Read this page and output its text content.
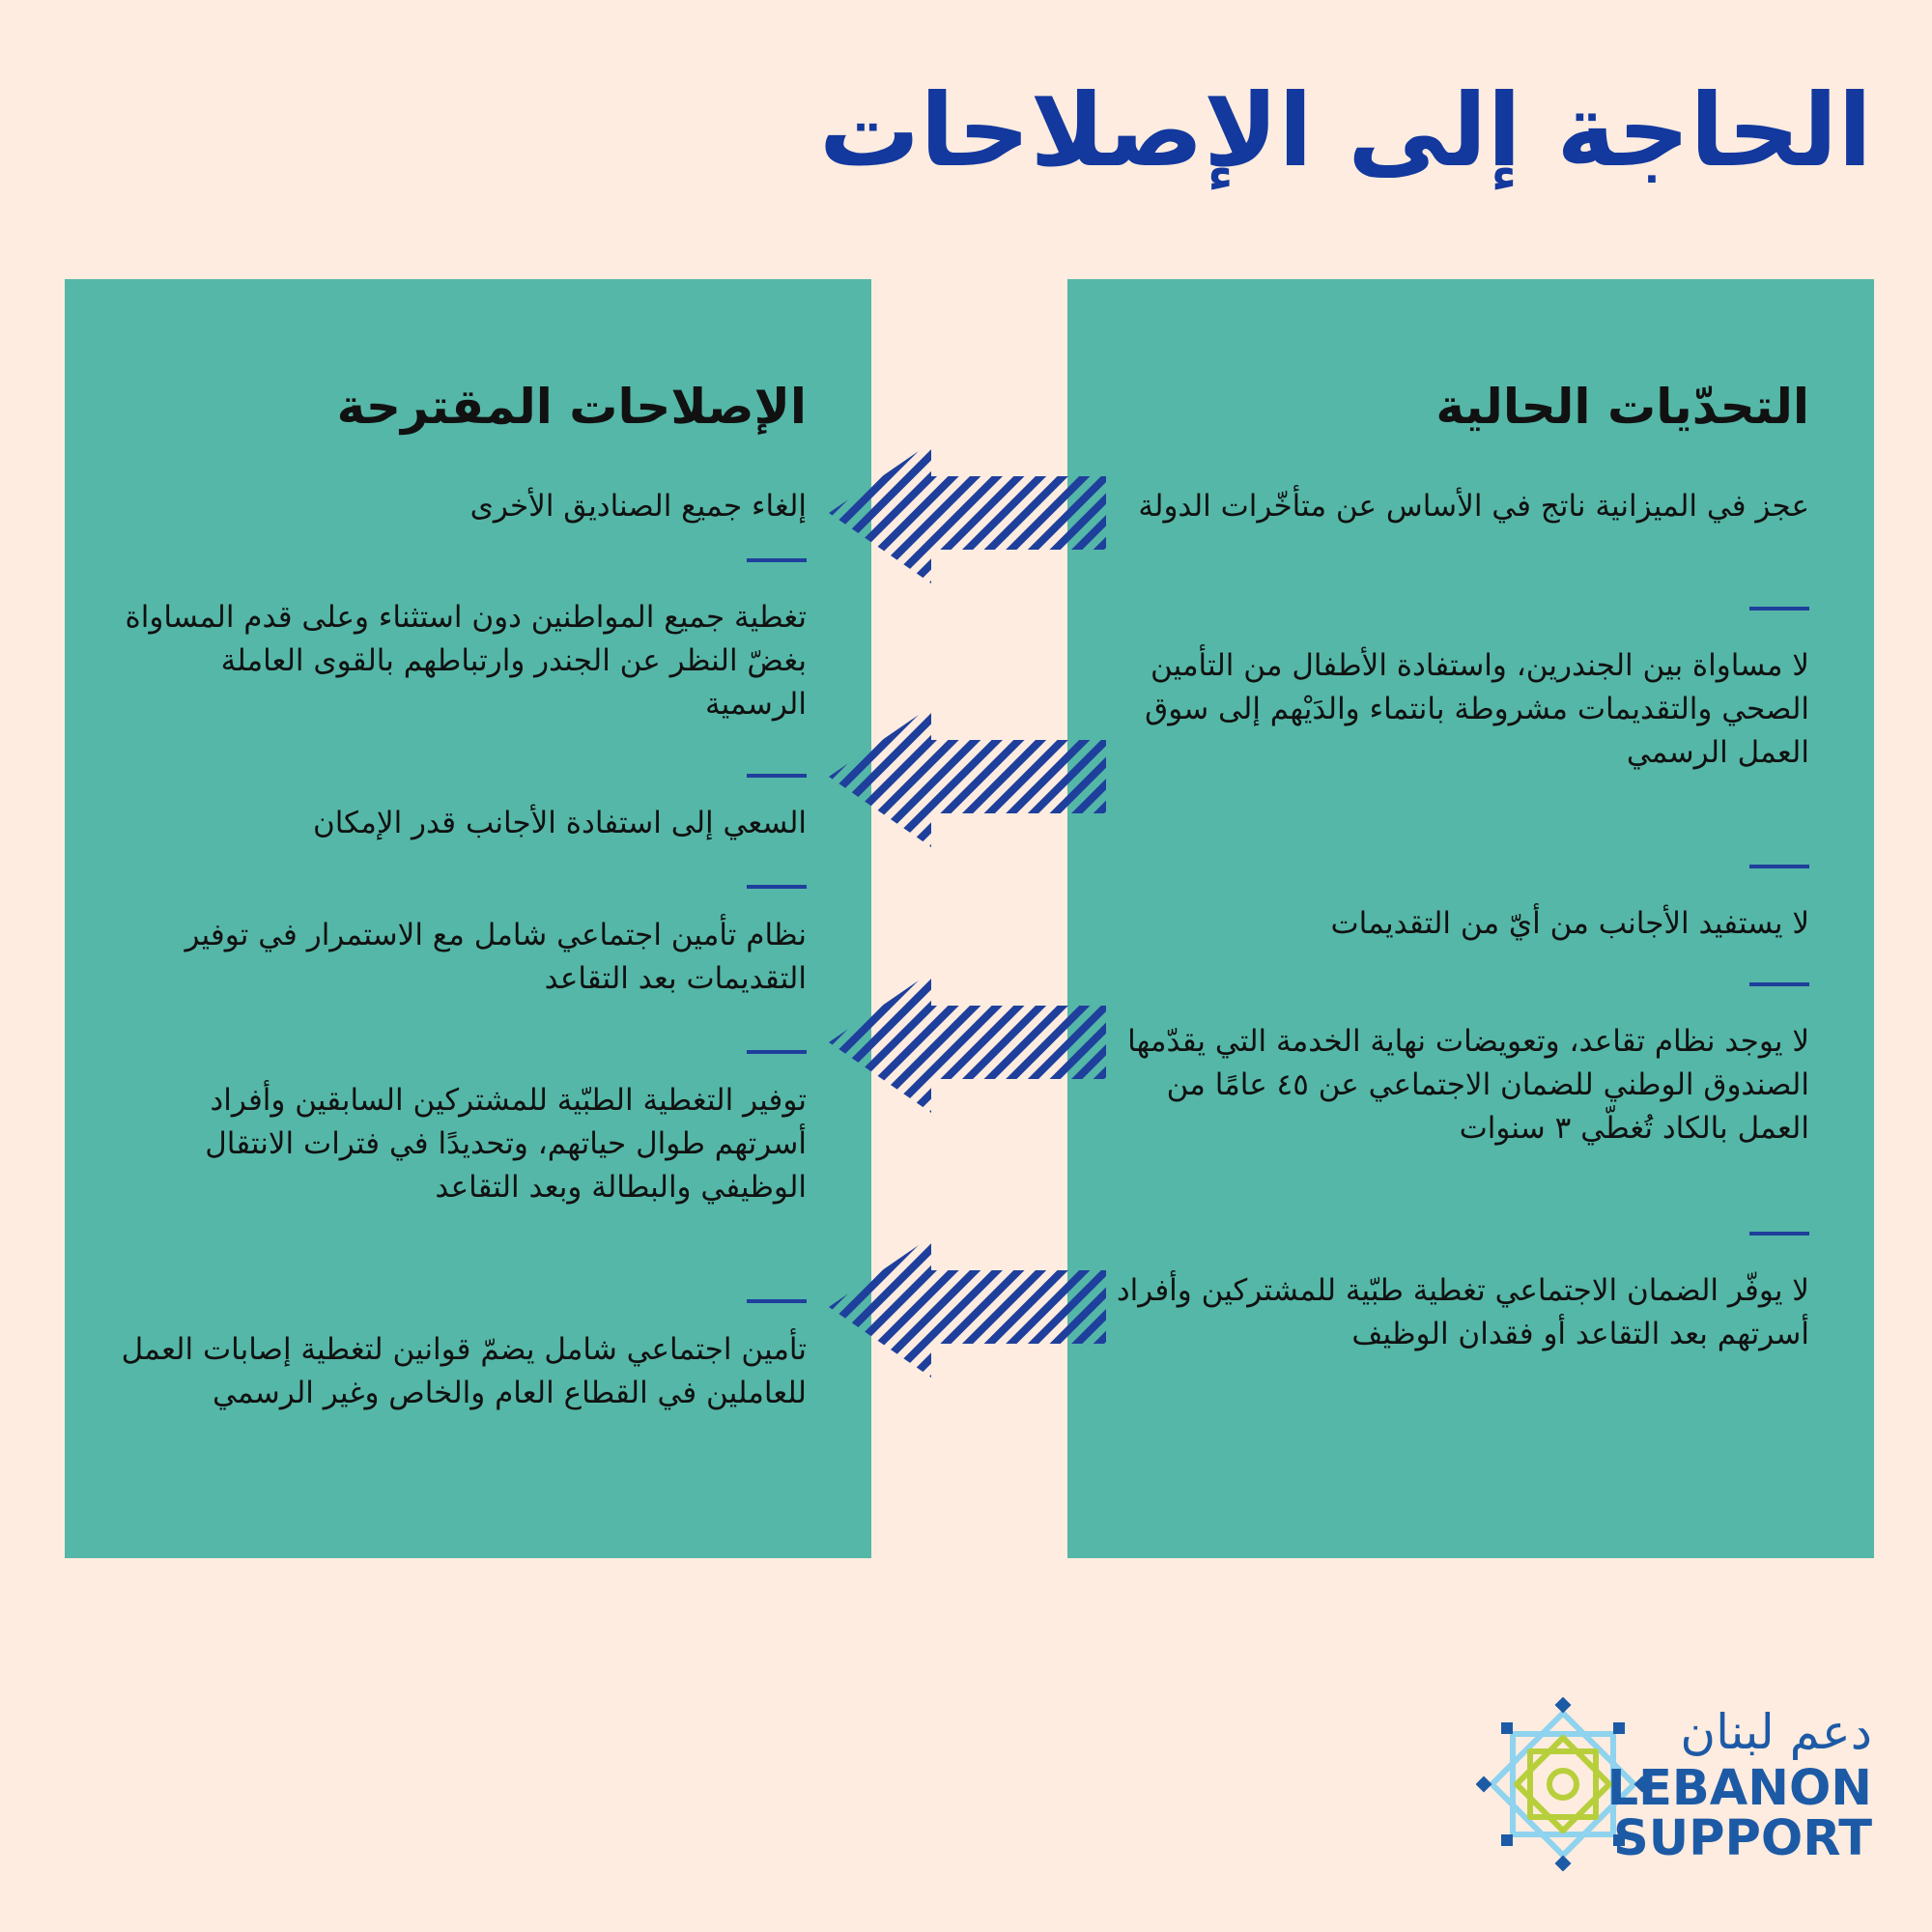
الحاجة إلى الإصلاحات
التحدّيات الحالية
عجز في الميزانية ناتج في الأساس عن متأخّرات الدولة
لا مساواة بين الجندرين، واستفادة الأطفال من التأمين الصحي والتقديمات مشروطة بانتماء والدَيْهم إلى سوق العمل الرسمي
لا يستفيد الأجانب من أيّ من التقديمات
لا يوجد نظام تقاعد، وتعويضات نهاية الخدمة التي يقدّمها الصندوق الوطني للضمان الاجتماعي عن ٤٥ عامًا من العمل بالكاد تُغطّي ٣ سنوات
لا يوفّر الضمان الاجتماعي تغطية طبّية للمشتركين وأفراد أسرتهم بعد التقاعد أو فقدان الوظيف
الإصلاحات المقترحة
إلغاء جميع الصناديق الأخرى
تغطية جميع المواطنين دون استثناء وعلى قدم المساواة بغضّ النظر عن الجندر وارتباطهم بالقوى العاملة الرسمية
السعي إلى استفادة الأجانب قدر الإمكان
نظام تأمين اجتماعي شامل مع الاستمرار في توفير التقديمات بعد التقاعد
توفير التغطية الطبّية للمشتركين السابقين وأفراد أسرتهم طوال حياتهم، وتحديدًا في فترات الانتقال الوظيفي والبطالة وبعد التقاعد
تأمين اجتماعي شامل يضمّ قوانين لتغطية إصابات العمل للعاملين في القطاع العام والخاص وغير الرسمي
دعم لبنان
LEBANON
SUPPORT
